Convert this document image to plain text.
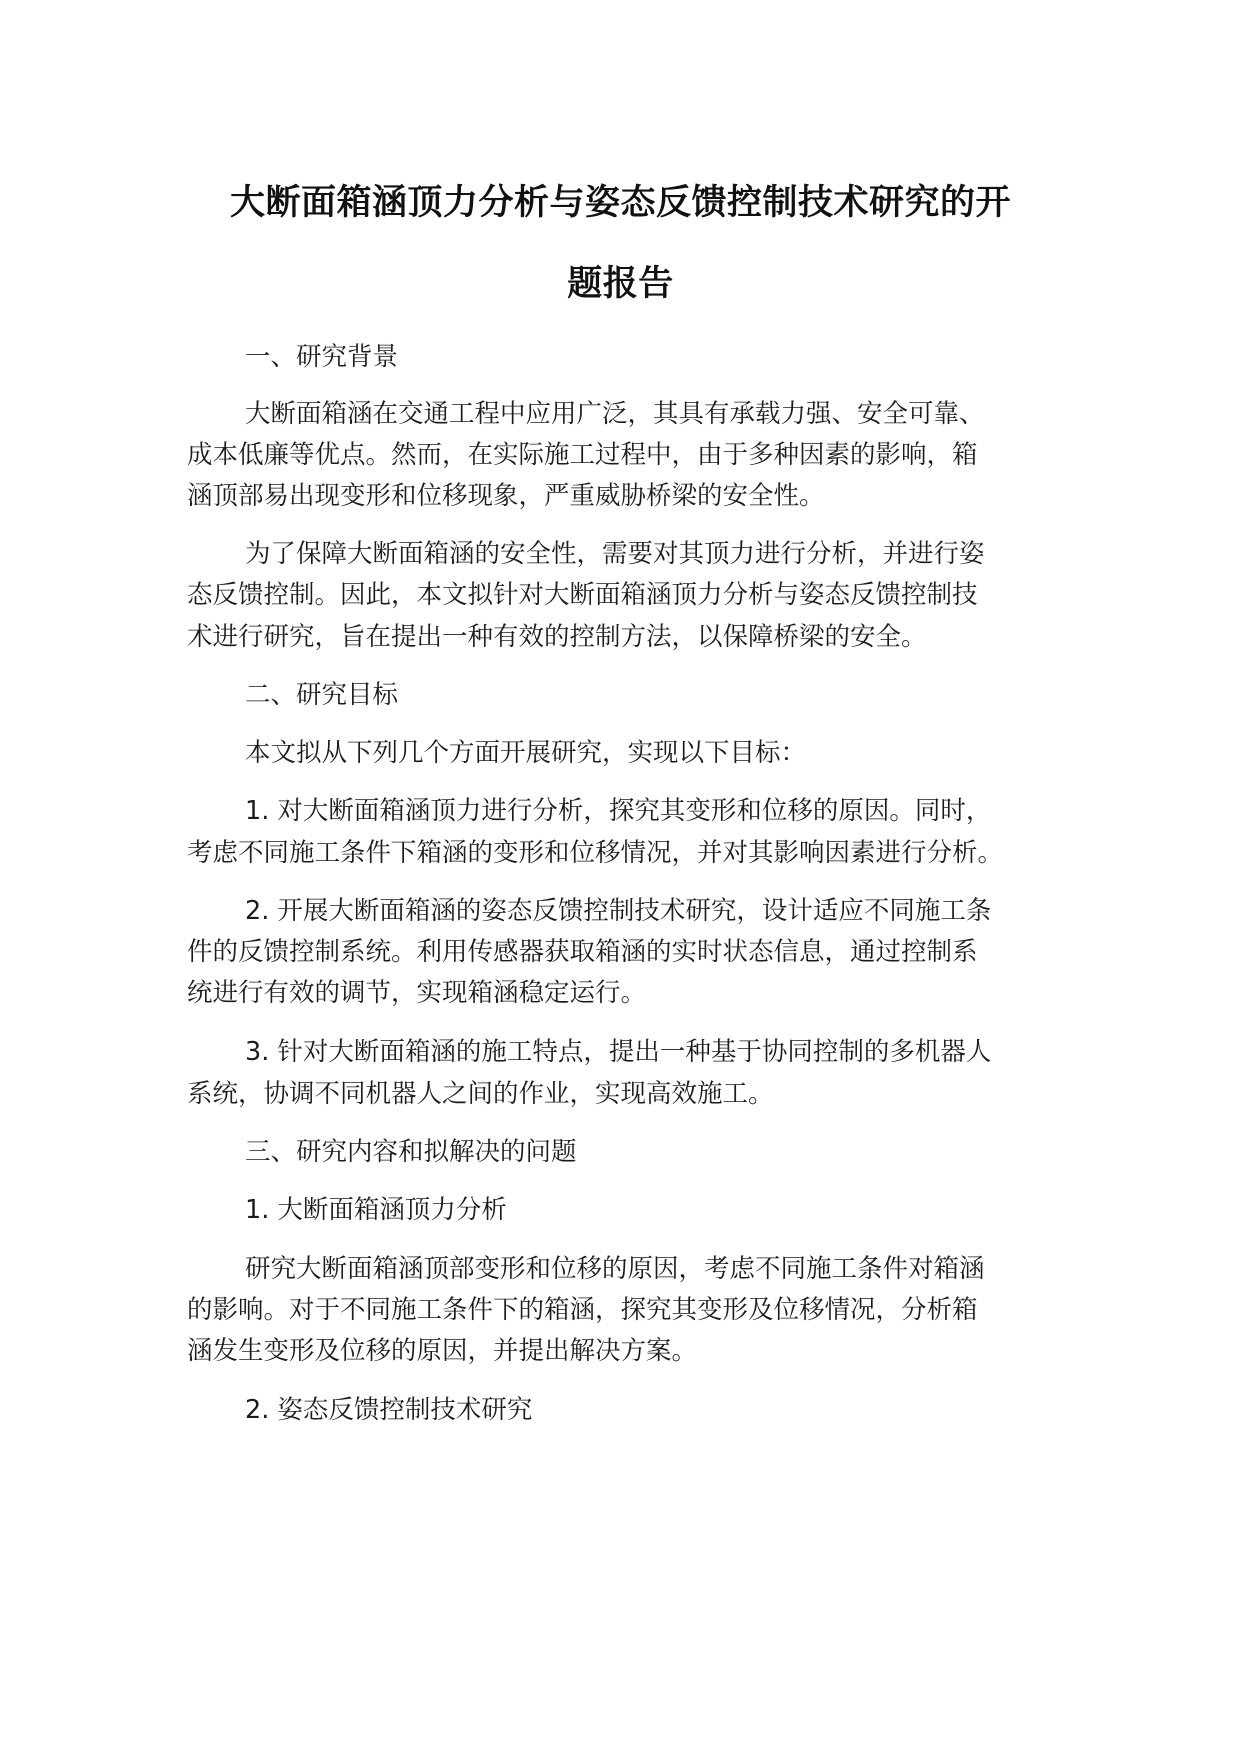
大断面箱涵顶力分析与姿态反馈控制技术研究的开
题报告
一、研究背景
大断面箱涵在交通工程中应用广泛，其具有承载力强、安全可靠、
成本低廉等优点。然而，在实际施工过程中，由于多种因素的影响，箱
涵顶部易出现变形和位移现象，严重威胁桥梁的安全性。
为了保障大断面箱涵的安全性，需要对其顶力进行分析，并进行姿
态反馈控制。因此，本文拟针对大断面箱涵顶力分析与姿态反馈控制技
术进行研究，旨在提出一种有效的控制方法，以保障桥梁的安全。
二、研究目标
本文拟从下列几个方面开展研究，实现以下目标：
1. 对大断面箱涵顶力进行分析，探究其变形和位移的原因。同时，
考虑不同施工条件下箱涵的变形和位移情况，并对其影响因素进行分析。
2. 开展大断面箱涵的姿态反馈控制技术研究，设计适应不同施工条
件的反馈控制系统。利用传感器获取箱涵的实时状态信息，通过控制系
统进行有效的调节，实现箱涵稳定运行。
3. 针对大断面箱涵的施工特点，提出一种基于协同控制的多机器人
系统，协调不同机器人之间的作业，实现高效施工。
三、研究内容和拟解决的问题
1. 大断面箱涵顶力分析
研究大断面箱涵顶部变形和位移的原因，考虑不同施工条件对箱涵
的影响。对于不同施工条件下的箱涵，探究其变形及位移情况，分析箱
涵发生变形及位移的原因，并提出解决方案。
2. 姿态反馈控制技术研究
